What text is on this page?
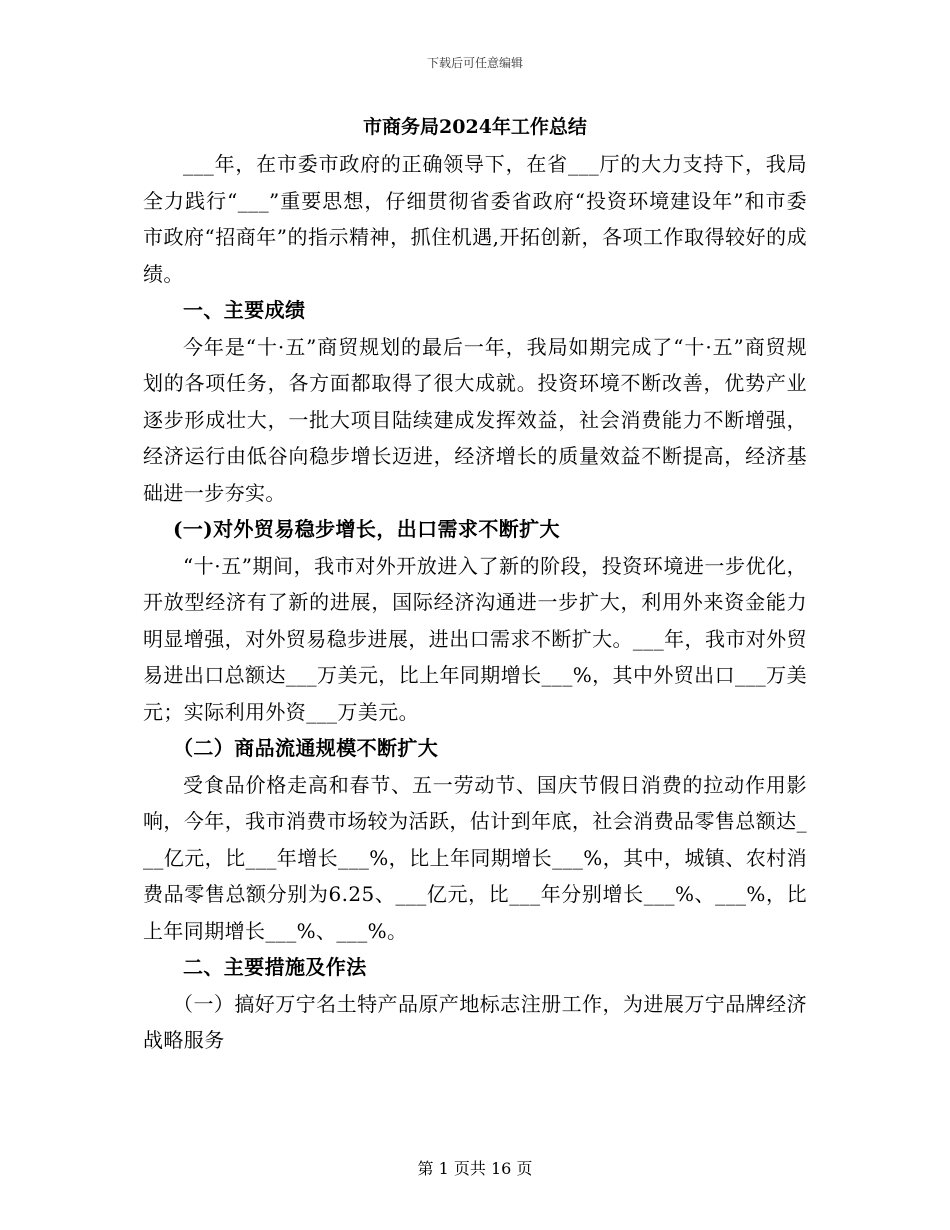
下载后可任意编辑
市商务局2024年工作总结

___年，在市委市政府的正确领导下，在省___厅的大力支持下，我局全力践行“___”重要思想，仔细贯彻省委省政府“投资环境建设年”和市委市政府“招商年”的指示精神，抓住机遇,开拓创新，各项工作取得较好的成绩。

一、主要成绩

今年是“十·五”商贸规划的最后一年，我局如期完成了“十·五”商贸规划的各项任务，各方面都取得了很大成就。投资环境不断改善，优势产业逐步形成壮大，一批大项目陆续建成发挥效益，社会消费能力不断增强，经济运行由低谷向稳步增长迈进，经济增长的质量效益不断提高，经济基础进一步夯实。

(一)对外贸易稳步增长，出口需求不断扩大

“十·五”期间，我市对外开放进入了新的阶段，投资环境进一步优化，开放型经济有了新的进展，国际经济沟通进一步扩大，利用外来资金能力明显增强，对外贸易稳步进展，进出口需求不断扩大。___年，我市对外贸易进出口总额达___万美元，比上年同期增长___%，其中外贸出口___万美元；实际利用外资___万美元。

（二）商品流通规模不断扩大

受食品价格走高和春节、五一劳动节、国庆节假日消费的拉动作用影响，今年，我市消费市场较为活跃，估计到年底，社会消费品零售总额达___亿元，比___年增长___%，比上年同期增长___%，其中，城镇、农村消费品零售总额分别为6.25、___亿元，比___年分别增长___%、___%，比上年同期增长___%、___%。

二、主要措施及作法

（一）搞好万宁名土特产品原产地标志注册工作，为进展万宁品牌经济战略服务

第 1 页共 16 页
